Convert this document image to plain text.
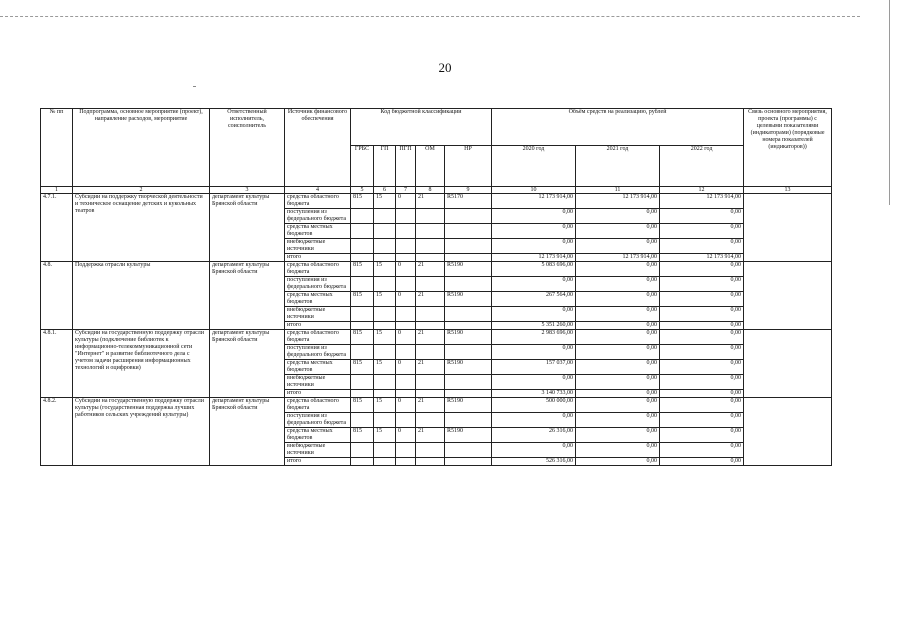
20
№ пп	Подпрограмма, основное мероприятие (проект), направление расходов, мероприятие	Ответственный исполнитель, соисполнитель	Источник финансового обеспечения	Код бюджетной классификации					Объём средств на реализацию, рублей			Связь основного мероприятия, проекта (программы) с целевыми показателями (индикаторами) (порядковые номера показателей (индикаторов))
				ГРБС	ГП	ПГП	ОМ	НР	2020 год	2021 год	2022 год	
1	2	3	4	5	6	7	8	9	10	11	12	13
4.7.1.	Субсидии на поддержку творческой деятельности и техническое оснащение детских и кукольных театров	департамент культуры Брянской области	средства областного бюджета	815	15	0	21	R5170	12 173 914,00	12 173 914,00	12 173 914,00	
			поступления из федерального бюджета						0,00	0,00	0,00	
			средства местных бюджетов						0,00	0,00	0,00	
			внебюджетные источники						0,00	0,00	0,00	
			итого						12 173 914,00	12 173 914,00	12 173 914,00	
4.8.	Поддержка отрасли культуры	департамент культуры Брянской области	средства областного бюджета	815	15	0	21	R5190	5 083 696,00	0,00	0,00	
			поступления из федерального бюджета						0,00	0,00	0,00	
			средства местных бюджетов	815	15	0	21	R5190	267 564,00	0,00	0,00	
			внебюджетные источники						0,00	0,00	0,00	
			итого						5 351 260,00	0,00	0,00	
4.8.1.	Субсидии на государственную поддержку отрасли культуры (подключение библиотек к информационно-телекоммуникационной сети "Интернет" и развитие библиотечного дела с учетом задачи расширения информационных технологий и оцифровки)	департамент культуры Брянской области	средства областного бюджета	815	15	0	21	R5190	2 983 696,00	0,00	0,00	
			поступления из федерального бюджета						0,00	0,00	0,00	
			средства местных бюджетов	815	15	0	21	R5190	157 037,00	0,00	0,00	
			внебюджетные источники						0,00	0,00	0,00	
			итого						3 140 733,00	0,00	0,00	
4.8.2.	Субсидии на государственную поддержку отрасли культуры (государственная поддержка лучших работников сельских учреждений культуры)	департамент культуры Брянской области	средства областного бюджета	815	15	0	21	R5190	500 000,00	0,00	0,00	
			поступления из федерального бюджета						0,00	0,00	0,00	
			средства местных бюджетов	815	15	0	21	R5190	26 316,00	0,00	0,00	
			внебюджетные источники						0,00	0,00	0,00	
			итого						526 316,00	0,00	0,00	
